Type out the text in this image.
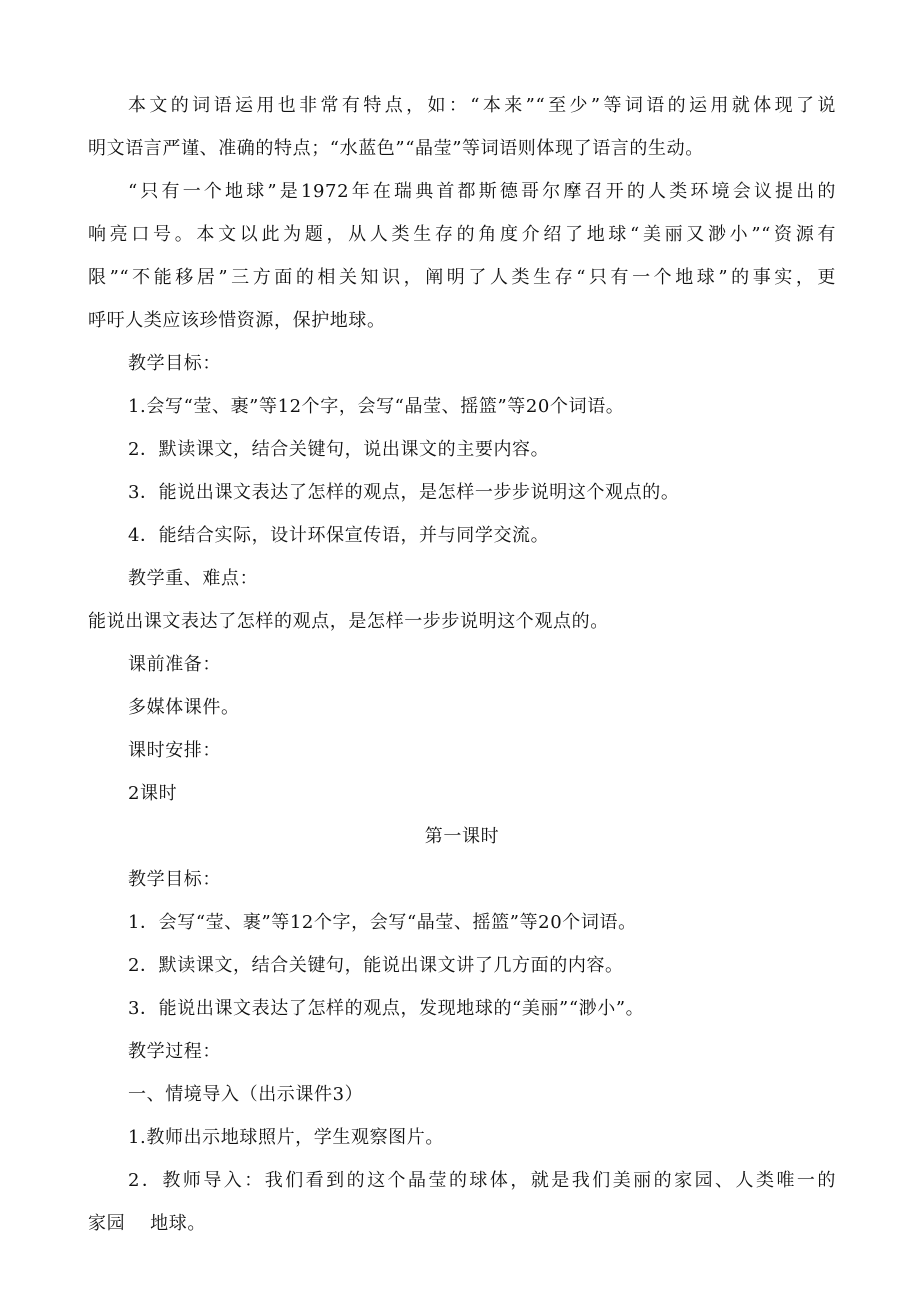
本文的词语运用也非常有特点，如：“本来”“至少”等词语的运用就体现了说
明文语言严谨、准确的特点；“水蓝色”“晶莹”等词语则体现了语言的生动。
“只有一个地球”是1972年在瑞典首都斯德哥尔摩召开的人类环境会议提出的
响亮口号。本文以此为题，从人类生存的角度介绍了地球“美丽又渺小”“资源有
限”“不能移居”三方面的相关知识，阐明了人类生存“只有一个地球”的事实，更
呼吁人类应该珍惜资源，保护地球。

教学目标：

1.会写“莹、裹”等12个字，会写“晶莹、摇篮”等20个词语。

2．默读课文，结合关键句，说出课文的主要内容。

3．能说出课文表达了怎样的观点，是怎样一步步说明这个观点的。

4．能结合实际，设计环保宣传语，并与同学交流。

教学重、难点：

能说出课文表达了怎样的观点，是怎样一步步说明这个观点的。

课前准备：

多媒体课件。

课时安排：

2课时

第一课时

教学目标：

1．会写“莹、裹”等12个字，会写“晶莹、摇篮”等20个词语。

2．默读课文，结合关键句，能说出课文讲了几方面的内容。

3．能说出课文表达了怎样的观点，发现地球的“美丽”“渺小”。

教学过程：

一、情境导入（出示课件3）

1.教师出示地球照片，学生观察图片。

2．教师导入：我们看到的这个晶莹的球体，就是我们美丽的家园、人类唯一的
家园　 地球。
